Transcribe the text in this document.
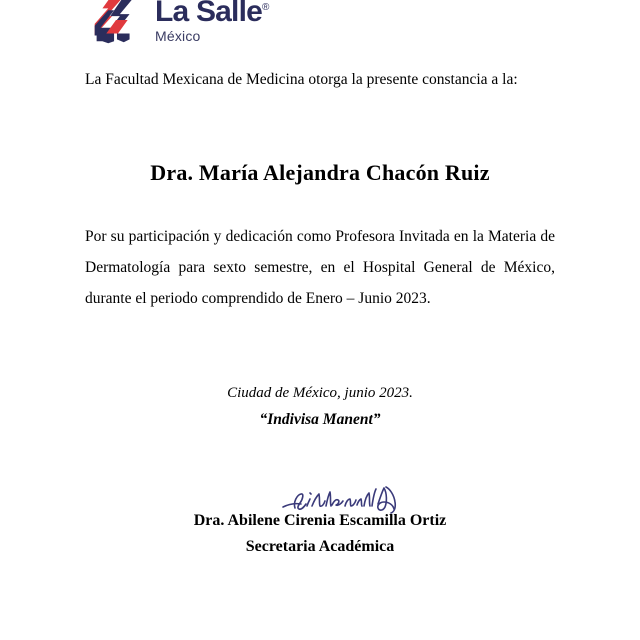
La Salle®
México
La Facultad Mexicana de Medicina otorga la presente constancia a la:
Dra. María Alejandra Chacón Ruiz
Por su participación y dedicación como Profesora Invitada en la Materia de Dermatología para sexto semestre, en el Hospital General de México, durante el periodo comprendido de Enero – Junio 2023.
Ciudad de México, junio 2023.
“Indivisa Manent”
Dra. Abilene Cirenia Escamilla Ortiz
Secretaria Académica
